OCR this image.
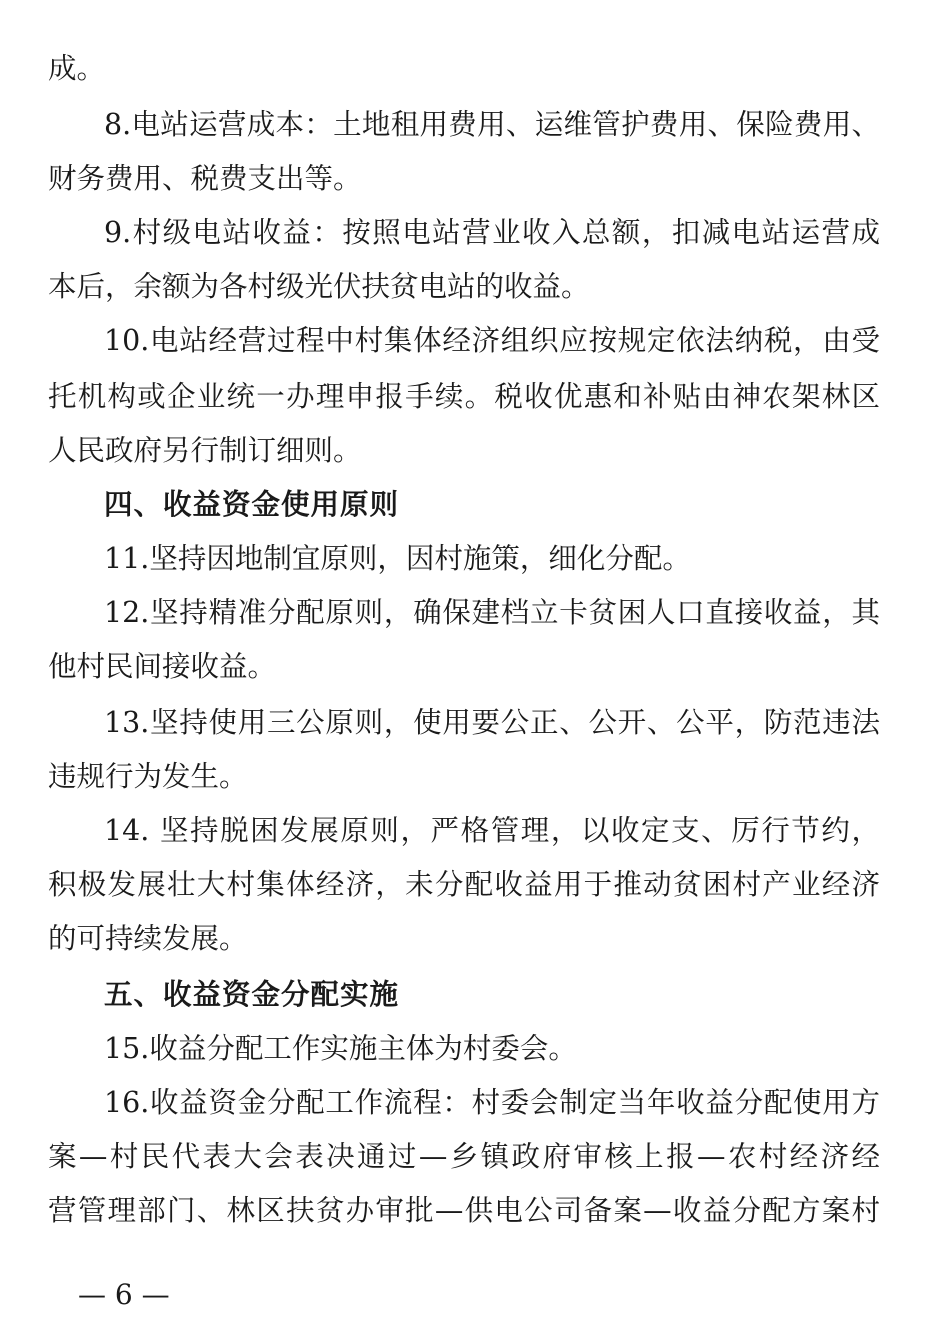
成。
8.电站运营成本：土地租用费用、运维管护费用、保险费用、
财务费用、税费支出等。
9.村级电站收益：按照电站营业收入总额，扣减电站运营成
本后，余额为各村级光伏扶贫电站的收益。
10.电站经营过程中村集体经济组织应按规定依法纳税，由受
托机构或企业统一办理申报手续。税收优惠和补贴由神农架林区
人民政府另行制订细则。
四、收益资金使用原则
11.坚持因地制宜原则，因村施策，细化分配。
12.坚持精准分配原则，确保建档立卡贫困人口直接收益，其
他村民间接收益。
13.坚持使用三公原则，使用要公正、公开、公平，防范违法
违规行为发生。
14. 坚持脱困发展原则，严格管理，以收定支、厉行节约，
积极发展壮大村集体经济，未分配收益用于推动贫困村产业经济
的可持续发展。
五、收益资金分配实施
15.收益分配工作实施主体为村委会。
16.收益资金分配工作流程：村委会制定当年收益分配使用方
案—村民代表大会表决通过—乡镇政府审核上报—农村经济经
营管理部门、林区扶贫办审批—供电公司备案—收益分配方案村
— 6 —
